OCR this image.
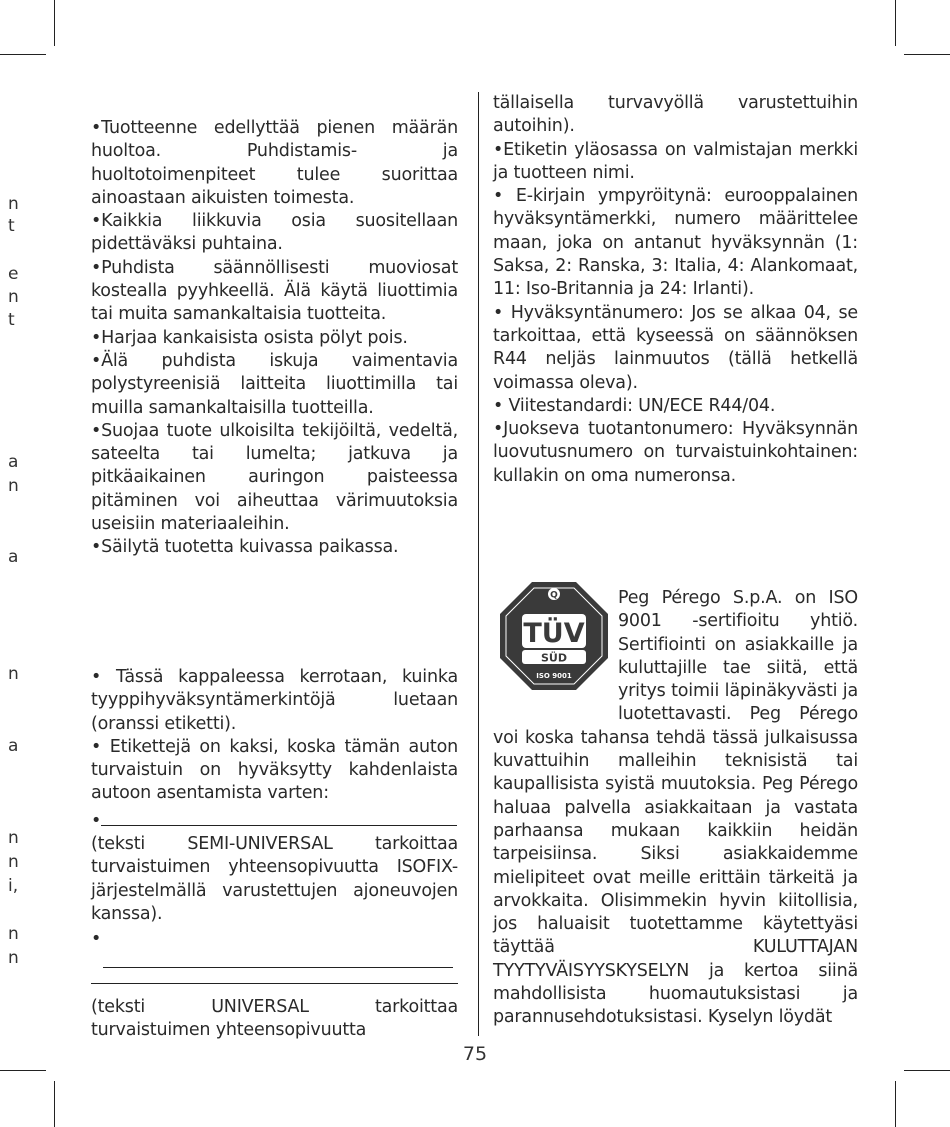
n
t
e
n
t
a
n
a
n
a
n
n
i,
n
n

•Tuotteenne edellyttää pienen määrän huoltoa. Puhdistamis- ja huoltotoimenpiteet tulee suorittaa ainoastaan aikuisten toimesta.

•Kaikkia liikkuvia osia suositellaan pidettäväksi puhtaina.

•Puhdista säännöllisesti muoviosat kostealla pyyhkeellä. Älä käytä liuottimia tai muita samankaltaisia tuotteita.

•Harjaa kankaisista osista pölyt pois.

•Älä puhdista iskuja vaimentavia polystyreenisiä laitteita liuottimilla tai muilla samankaltaisilla tuotteilla.

•Suojaa tuote ulkoisilta tekijöiltä, vedeltä, sateelta tai lumelta; jatkuva ja pitkäaikainen auringon paisteessa pitäminen voi aiheuttaa värimuutoksia useisiin materiaaleihin.

•Säilytä tuotetta kuivassa paikassa.

• Tässä kappaleessa kerrotaan, kuinka tyyppihyväksyntämerkintöjä luetaan (oranssi etiketti).

• Etikettejä on kaksi, koska tämän auton turvaistuin on hyväksytty kahdenlaista autoon asentamista varten:

•

(teksti SEMI-UNIVERSAL tarkoittaa turvaistuimen yhteensopivuutta ISOFIX-järjestelmällä varustettujen ajoneuvojen kanssa).

•

(teksti UNIVERSAL tarkoittaa turvaistuimen yhteensopivuutta

tällaisella turvavyöllä varustettuihin autoihin).

•Etiketin yläosassa on valmistajan merkki ja tuotteen nimi.

• E-kirjain ympyröitynä: eurooppalainen hyväksyntämerkki, numero määrittelee maan, joka on antanut hyväksynnän (1: Saksa, 2: Ranska, 3: Italia, 4: Alankomaat, 11: Iso-Britannia ja 24: Irlanti).

• Hyväksyntänumero: Jos se alkaa 04, se tarkoittaa, että kyseessä on säännöksen R44 neljäs lainmuutos (tällä hetkellä voimassa oleva).

• Viitestandardi: UN/ECE R44/04.

•Juokseva tuotantonumero: Hyväksynnän luovutusnumero on turvaistuinkohtainen: kullakin on oma numeronsa.

Q
TÜV
SÜD
ISO 9001

Peg Pérego S.p.A. on ISO 9001 -sertifioitu yhtiö. Sertifiointi on asiakkaille ja kuluttajille tae siitä, että yritys toimii läpinäkyvästi ja luotettavasti. Peg Pérego voi koska tahansa tehdä tässä julkaisussa kuvattuihin malleihin teknisistä tai kaupallisista syistä muutoksia. Peg Pérego haluaa palvella asiakkaitaan ja vastata parhaansa mukaan kaikkiin heidän tarpeisiinsa. Siksi asiakkaidemme mielipiteet ovat meille erittäin tärkeitä ja arvokkaita. Olisimmekin hyvin kiitollisia, jos haluaisit tuotettamme käytettyäsi täyttää KULUTTAJAN TYYTYVÄISYYSKYSELYN ja kertoa siinä mahdollisista huomautuksistasi ja parannusehdotuksistasi. Kyselyn löydät

75
